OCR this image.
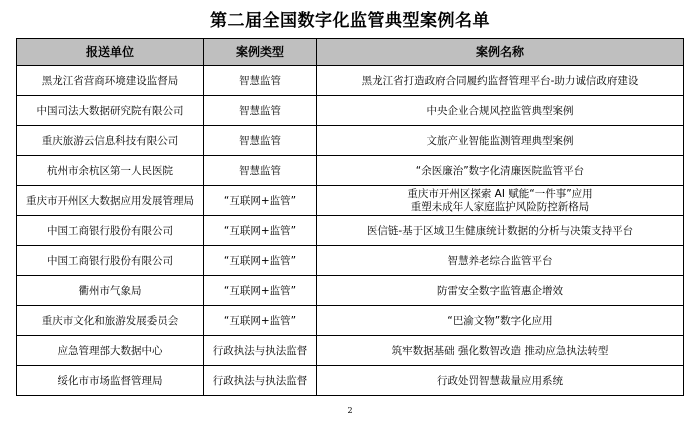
第二届全国数字化监管典型案例名单
报送单位	案例类型	案例名称
黑龙江省营商环境建设监督局	智慧监管	黑龙江省打造政府合同履约监督管理平台-助力诚信政府建设
中国司法大数据研究院有限公司	智慧监管	中央企业合规风控监管典型案例
重庆旅游云信息科技有限公司	智慧监管	文旅产业智能监测管理典型案例
杭州市余杭区第一人民医院	智慧监管	“余医廉治”数字化清廉医院监管平台
重庆市开州区大数据应用发展管理局	“互联网+监管”	重庆市开州区探索 AI 赋能“一件事”应用
重塑未成年人家庭监护风险防控新格局

中国工商银行股份有限公司	“互联网+监管”	医信链-基于区域卫生健康统计数据的分析与决策支持平台
中国工商银行股份有限公司	“互联网+监管”	智慧养老综合监管平台
衢州市气象局	“互联网+监管”	防雷安全数字监管惠企增效
重庆市文化和旅游发展委员会	“互联网+监管”	“巴渝文物”数字化应用
应急管理部大数据中心	行政执法与执法监督	筑牢数据基础 强化数智改造 推动应急执法转型
绥化市市场监督管理局	行政执法与执法监督	行政处罚智慧裁量应用系统
2
